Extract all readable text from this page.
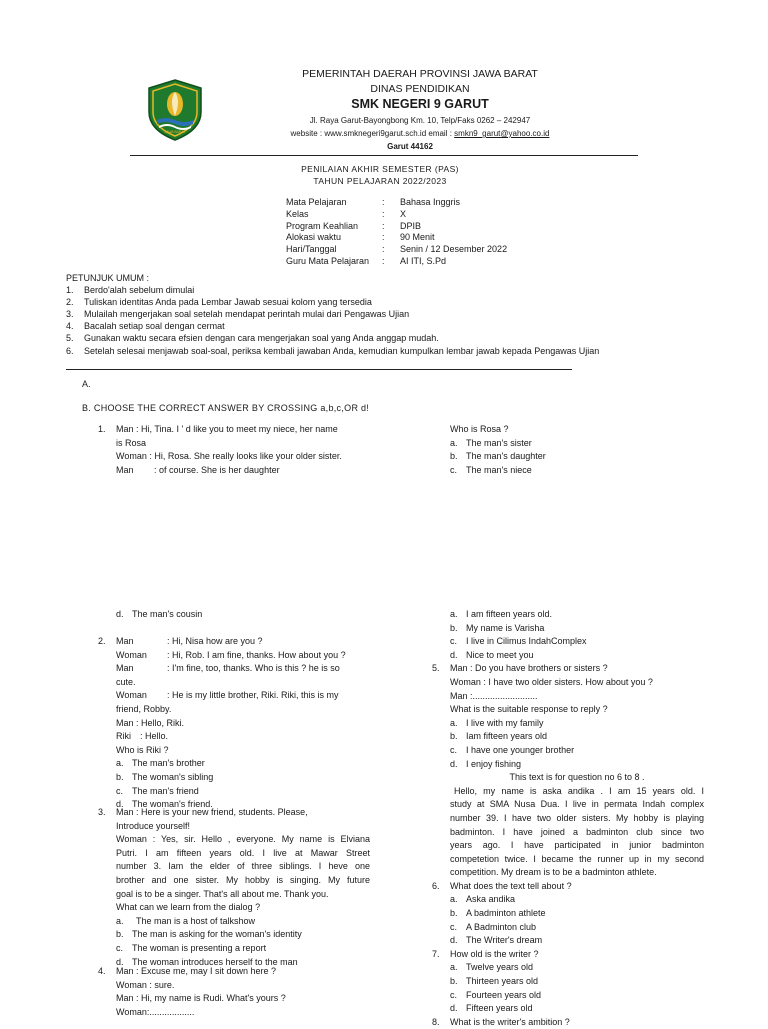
JAWA BARAT
PEMERINTAH DAERAH PROVINSI JAWA BARAT
DINAS PENDIDIKAN
SMK NEGERI 9 GARUT
Jl. Raya Garut-Bayongbong Km. 10, Telp/Faks 0262 – 242947
website : www.smknegeri9garut.sch.id email : smkn9_garut@yahoo.co.id
Garut 44162
PENILAIAN AKHIR SEMESTER (PAS)
TAHUN PELAJARAN 2022/2023
Mata Pelajaran	: Bahasa Inggris
Kelas	: X
Program Keahlian	: DPIB
Alokasi waktu	: 90 Menit
Hari/Tanggal	: Senin / 12 Desember 2022
Guru Mata Pelajaran : AI ITI, S.Pd
PETUNJUK UMUM :
1. Berdo'alah sebelum dimulai
2. Tuliskan identitas Anda pada Lembar Jawab sesuai kolom yang tersedia
3. Mulailah mengerjakan soal setelah mendapat perintah mulai dari Pengawas Ujian
4. Bacalah setiap soal dengan cermat
5. Gunakan waktu secara efsien dengan cara mengerjakan soal yang Anda anggap mudah.
6. Setelah selesai menjawab soal-soal, periksa kembali jawaban Anda, kemudian kumpulkan lembar jawab kepada Pengawas Ujian
A.
B. CHOOSE THE CORRECT ANSWER BY CROSSING a,b,c,OR d!
1. Man : Hi, Tina. I ' d like you to meet my niece, her name
is Rosa
Woman : Hi, Rosa. She really looks like your older sister.
Man : of course. She is her daughter
d. The man's cousin
2. Man	: Hi, Nisa how are you ?
Woman : Hi, Rob. I am fine, thanks. How about you ?
Man	: I'm fine, too, thanks. Who is this ? he is so
cute.
Woman : He is my little brother, Riki. Riki, this is my
friend, Robby.
Man : Hello, Riki.
Riki : Hello.
Who is Riki ?
a. The man's brother
b. The woman's sibling
c. The man's friend
d. The woman's friend.
3. Man : Here is your new friend, students. Please,
Introduce yourself!
Woman : Yes, sir. Hello , everyone. My name is Elviana
Putri. I am fifteen years old. I live at Mawar Street
number 3. Iam the elder of three siblings. I heve one
brother and one sister. My hobby is singing. My future
goal is to be a singer. That's all about me. Thank you.
What can we learn from the dialog ?
a. The man is a host of talkshow
b. The man is asking for the woman's identity
c. The woman is presenting a report
d. The woman introduces herself to the man
4. Man : Excuse me, may I sit down here ?
Woman : sure.
Man : Hi, my name is Rudi. What's yours ?
Woman:..................
Who is Rosa ?
a. The man's sister
b. The man's daughter
c. The man's niece
a. I am fifteen years old.
b. My name is Varisha
c. I live in Cilimus IndahComplex
d. Nice to meet you
5. Man : Do you have brothers or sisters ?
Woman : I have two older sisters. How about you ?
Man :..........................
What is the suitable response to reply ?
a. I live with my family
b. Iam fifteen years old
c. I have one younger brother
d. I enjoy fishing
This text is for question no 6 to 8 .
Hello, my name is aska andika . I am 15 years old. I
study at SMA Nusa Dua. I live in permata Indah complex
number 39. I have two older sisters. My hobby is playing
badminton. I have joined a badminton club since two
years ago. I have participated in junior badminton
competetion twice. I became the runner up in my second
competition. My dream is to be a badminton athlete.
6. What does the text tell about ?
a. Aska andika
b. A badminton athlete
c. A Badminton club
d. The Writer's dream
7. How old is the writer ?
a. Twelve years old
b. Thirteen years old
c. Fourteen years old
d. Fifteen years old
8. What is the writer's ambition ?
